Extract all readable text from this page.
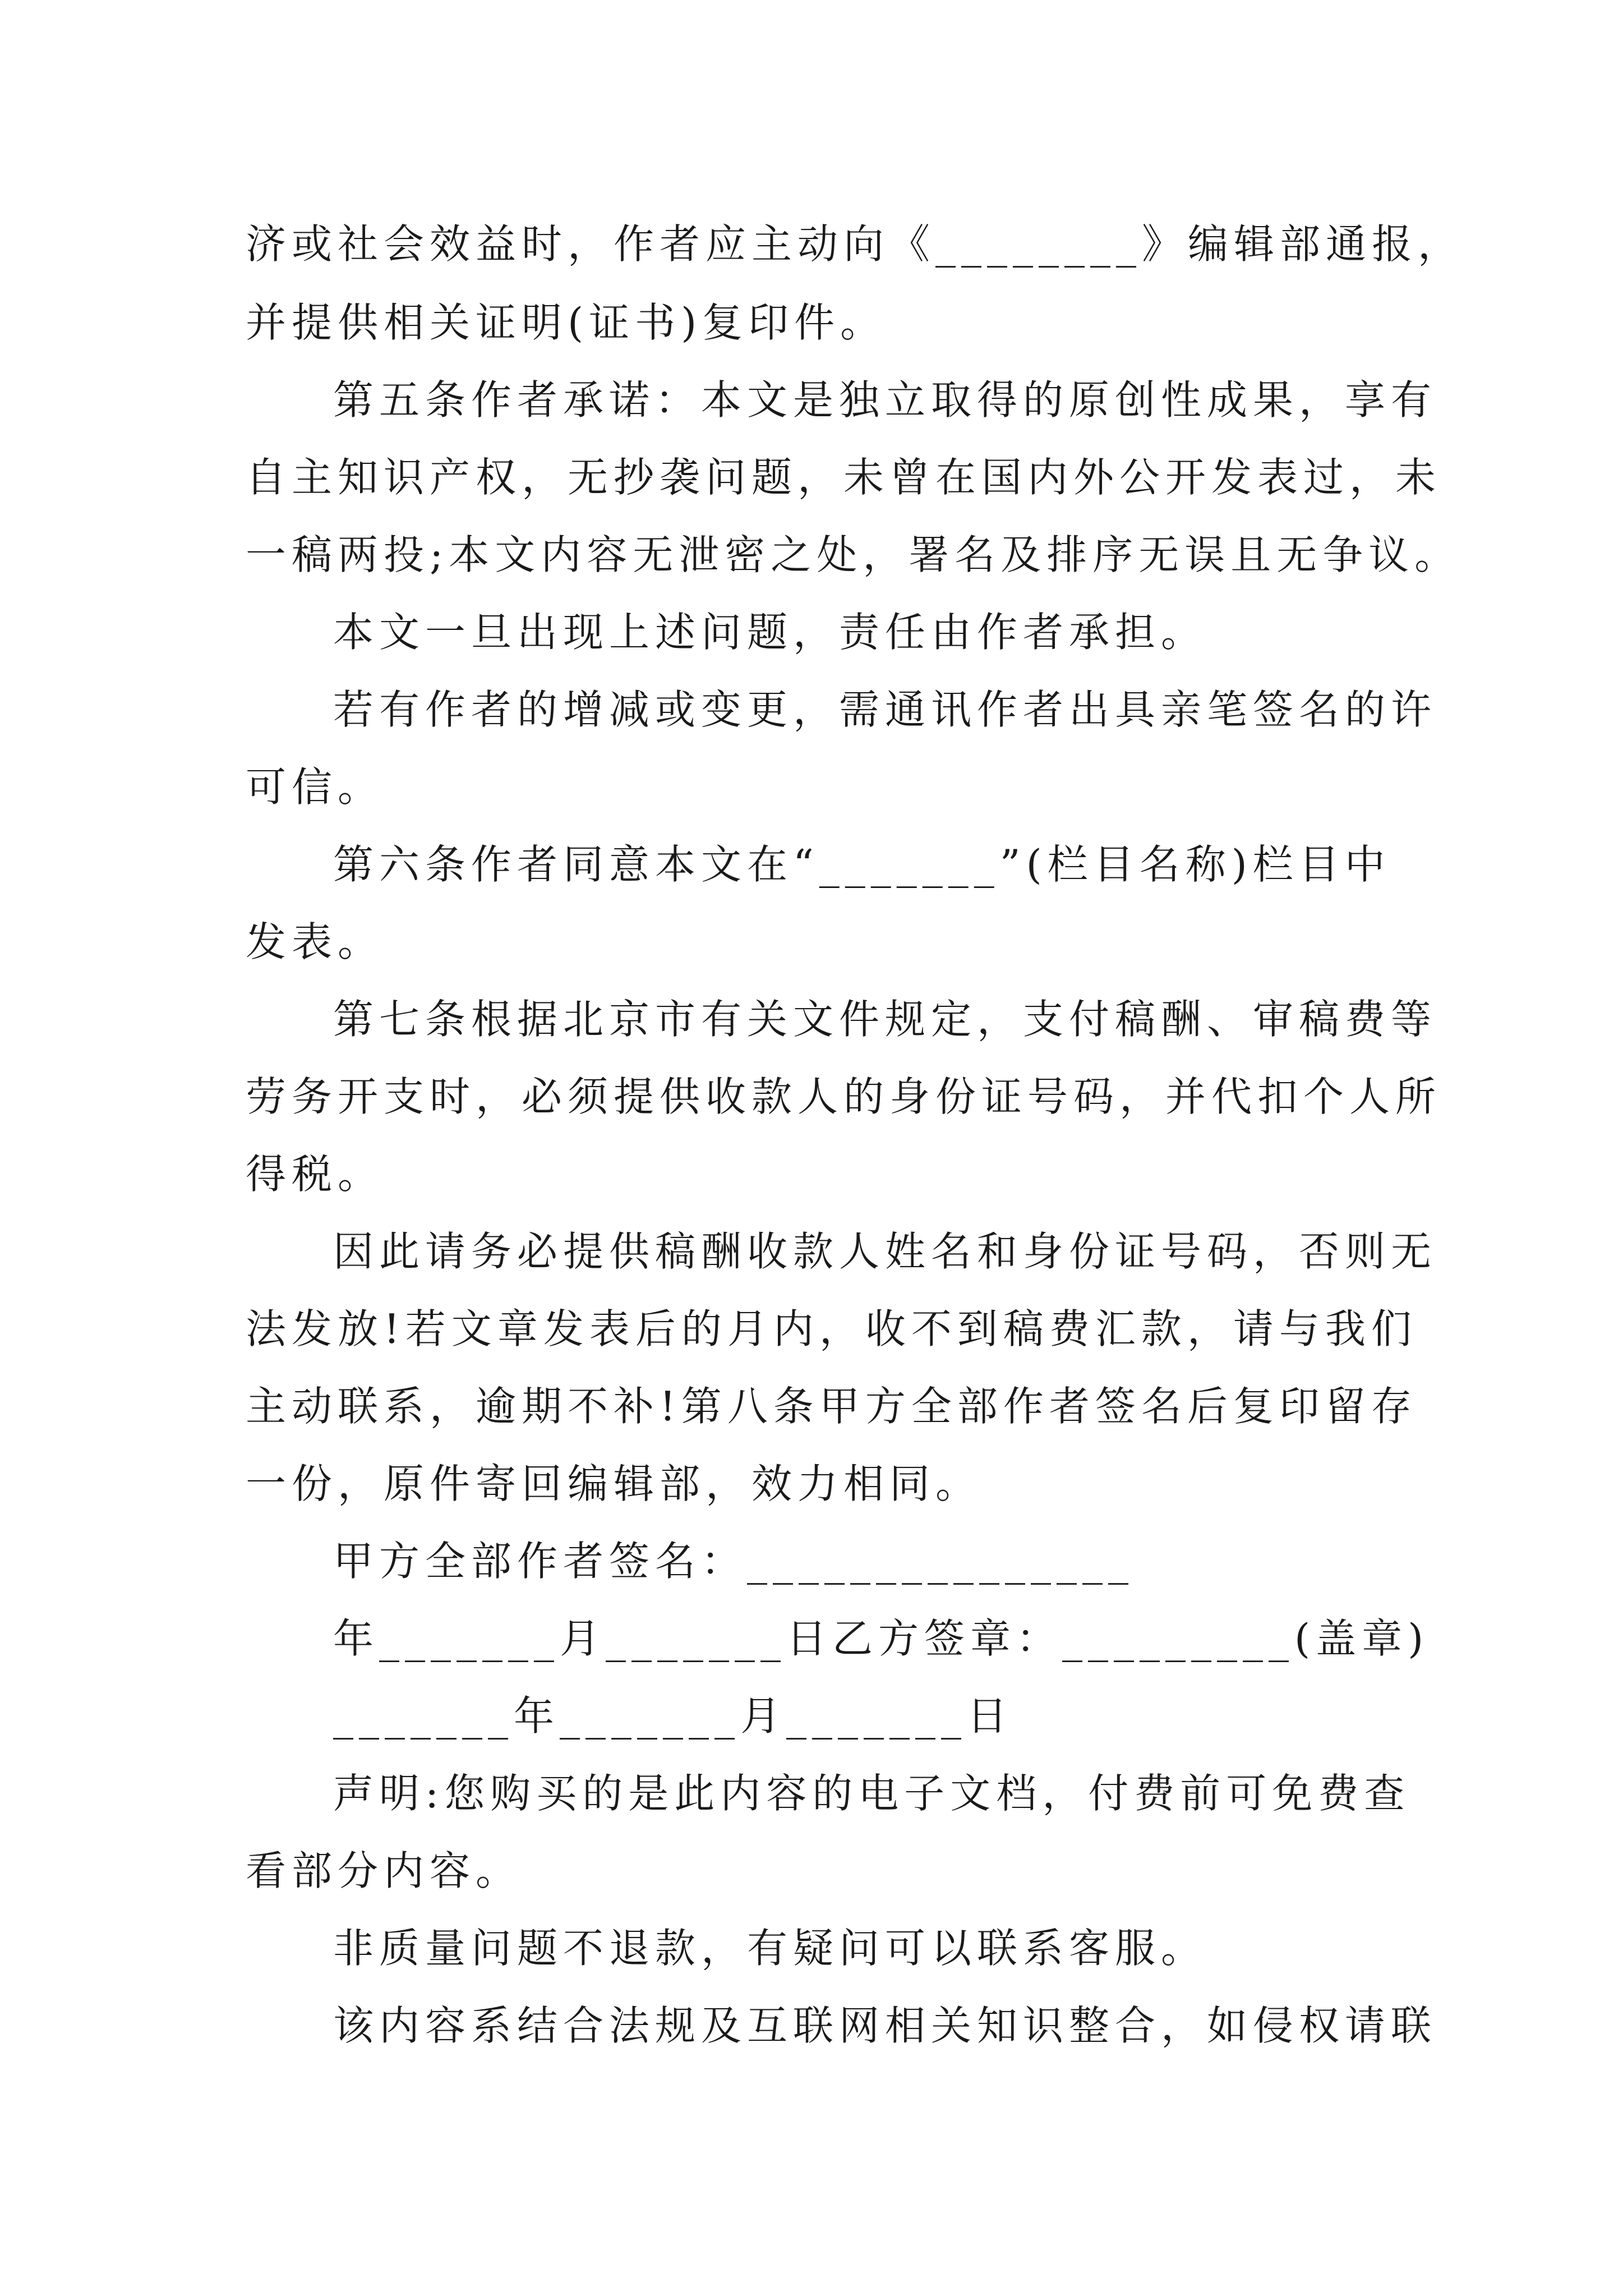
济或社会效益时，作者应主动向《________》编辑部通报，
并提供相关证明(证书)复印件。
第五条作者承诺：本文是独立取得的原创性成果，享有
自主知识产权，无抄袭问题，未曾在国内外公开发表过，未
一稿两投;本文内容无泄密之处，署名及排序无误且无争议。
本文一旦出现上述问题，责任由作者承担。
若有作者的增减或变更，需通讯作者出具亲笔签名的许
可信。
第六条作者同意本文在“_______”(栏目名称)栏目中
发表。
第七条根据北京市有关文件规定，支付稿酬、审稿费等
劳务开支时，必须提供收款人的身份证号码，并代扣个人所
得税。
因此请务必提供稿酬收款人姓名和身份证号码，否则无
法发放!若文章发表后的月内，收不到稿费汇款，请与我们
主动联系，逾期不补!第八条甲方全部作者签名后复印留存
一份，原件寄回编辑部，效力相同。
甲方全部作者签名：_______________
年_______月_______日乙方签章：_________(盖章)
_______年_______月_______日
声明:您购买的是此内容的电子文档，付费前可免费查
看部分内容。
非质量问题不退款，有疑问可以联系客服。
该内容系结合法规及互联网相关知识整合，如侵权请联
